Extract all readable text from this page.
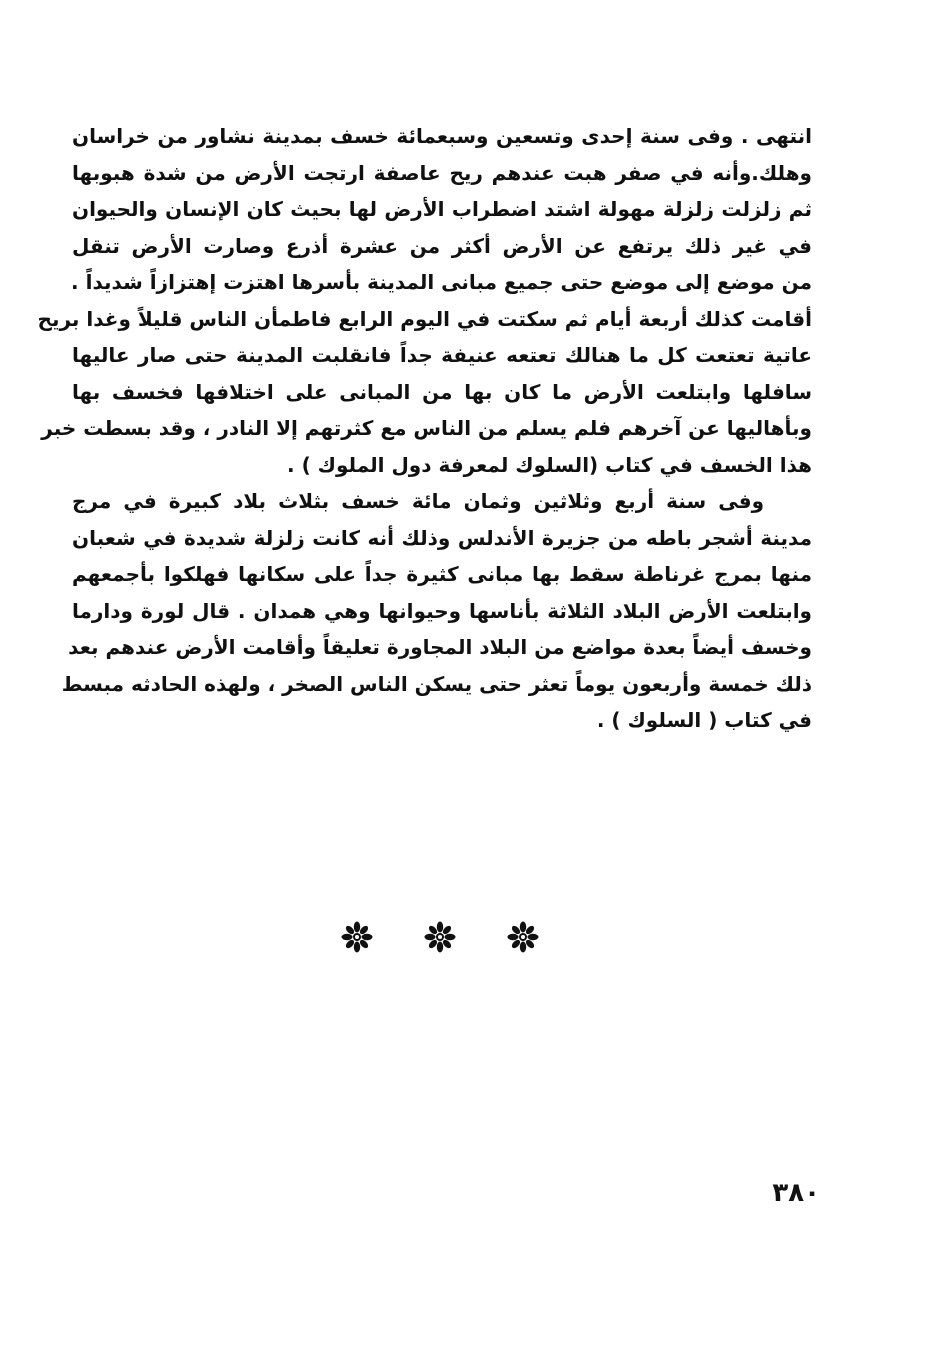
انتهى . وفى سنة إحدى وتسعين وسبعمائة خسف بمدينة نشاور من خراسان
وهلك.وأنه في صفر هبت عندهم ريح عاصفة ارتجت الأرض من شدة هبوبها
ثم زلزلت زلزلة مهولة اشتد اضطراب الأرض لها بحيث كان الإنسان والحيوان
في غير ذلك يرتفع عن الأرض أكثر من عشرة أذرع وصارت الأرض تنقل
من موضع إلى موضع حتى جميع مبانى المدينة بأسرها اهتزت إهتزازاً شديداً .
أقامت كذلك أربعة أيام ثم سكتت في اليوم الرابع فاطمأن الناس قليلاً وغدا بريح
عاتية تعتعت كل ما هنالك تعتعه عنيفة جداً فانقلبت المدينة حتى صار عاليها
سافلها وابتلعت الأرض ما كان بها من المبانى على اختلافها فخسف بها
وبأهاليها عن آخرهم فلم يسلم من الناس مع كثرتهم إلا النادر ، وقد بسطت خبر
هذا الخسف في كتاب (السلوك لمعرفة دول الملوك ) .
وفى سنة أربع وثلاثين وثمان مائة خسف بثلاث بلاد كبيرة في مرج
مدينة أشجر باطه من جزيرة الأندلس وذلك أنه كانت زلزلة شديدة في شعبان
منها بمرج غرناطة سقط بها مبانى كثيرة جداً على سكانها فهلكوا بأجمعهم
وابتلعت الأرض البلاد الثلاثة بأناسها وحيوانها وهي همدان . قال لورة ودارما
وخسف أيضاً بعدة مواضع من البلاد المجاورة تعليقاً وأقامت الأرض عندهم بعد
ذلك خمسة وأربعون يوماً تعثر حتى يسكن الناس الصخر ، ولهذه الحادثه مبسط
في كتاب ( السلوك ) .
٣٨٠
